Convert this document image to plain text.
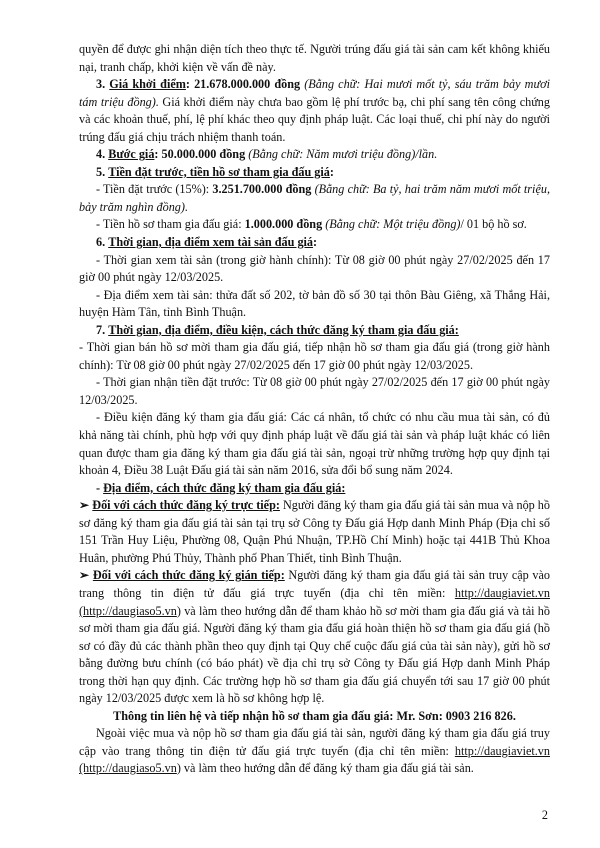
quyền để được ghi nhận diện tích theo thực tế. Người trúng đấu giá tài sản cam kết không khiếu nại, tranh chấp, khởi kiện về vấn đề này.

3. Giá khởi điểm: 21.678.000.000 đồng (Bằng chữ: Hai mươi mốt tỷ, sáu trăm bảy mươi tám triệu đồng). Giá khởi điểm này chưa bao gồm lệ phí trước bạ, chi phí sang tên công chứng và các khoản thuế, phí, lệ phí khác theo quy định pháp luật. Các loại thuế, chi phí này do người trúng đấu giá chịu trách nhiệm thanh toán.

4. Bước giá: 50.000.000 đồng (Bằng chữ: Năm mươi triệu đồng)/lần.

5. Tiền đặt trước, tiền hồ sơ tham gia đấu giá:

- Tiền đặt trước (15%): 3.251.700.000 đồng (Bằng chữ: Ba tỷ, hai trăm năm mươi mốt triệu, bảy trăm nghìn đồng).

- Tiền hồ sơ tham gia đấu giá: 1.000.000 đồng (Bằng chữ: Một triệu đồng)/ 01 bộ hồ sơ.

6. Thời gian, địa điểm xem tài sản đấu giá:

- Thời gian xem tài sản (trong giờ hành chính): Từ 08 giờ 00 phút ngày 27/02/2025 đến 17 giờ 00 phút ngày 12/03/2025.

- Địa điểm xem tài sản: thửa đất số 202, tờ bản đồ số 30 tại thôn Bàu Giêng, xã Thắng Hải, huyện Hàm Tân, tỉnh Bình Thuận.

7. Thời gian, địa điểm, điều kiện, cách thức đăng ký tham gia đấu giá:

- Thời gian bán hồ sơ mời tham gia đấu giá, tiếp nhận hồ sơ tham gia đấu giá (trong giờ hành chính): Từ 08 giờ 00 phút ngày 27/02/2025 đến 17 giờ 00 phút ngày 12/03/2025.

- Thời gian nhận tiền đặt trước: Từ 08 giờ 00 phút ngày 27/02/2025 đến 17 giờ 00 phút ngày 12/03/2025.

- Điều kiện đăng ký tham gia đấu giá: Các cá nhân, tổ chức có nhu cầu mua tài sản, có đủ khả năng tài chính, phù hợp với quy định pháp luật về đấu giá tài sản và pháp luật khác có liên quan được tham gia đăng ký tham gia đấu giá tài sản, ngoại trừ những trường hợp quy định tại khoản 4, Điều 38 Luật Đấu giá tài sản năm 2016, sửa đổi bổ sung năm 2024.

- Địa điểm, cách thức đăng ký tham gia đấu giá:

➢ Đối với cách thức đăng ký trực tiếp: Người đăng ký tham gia đấu giá tài sản mua và nộp hồ sơ đăng ký tham gia đấu giá tài sản tại trụ sở Công ty Đấu giá Hợp danh Minh Pháp (Địa chỉ số 151 Trần Huy Liệu, Phường 08, Quận Phú Nhuận, TP.Hồ Chí Minh) hoặc tại 441B Thủ Khoa Huân, phường Phú Thủy, Thành phố Phan Thiết, tỉnh Bình Thuận.

➢ Đối với cách thức đăng ký gián tiếp: Người đăng ký tham gia đấu giá tài sản truy cập vào trang thông tin điện tử đấu giá trực tuyến (địa chỉ tên miền: http://daugiaviet.vn (http://daugiaso5.vn) và làm theo hướng dẫn để tham khảo hồ sơ mời tham gia đấu giá và tải hồ sơ mời tham gia đấu giá. Người đăng ký tham gia đấu giá hoàn thiện hồ sơ tham gia đấu giá (hồ sơ có đầy đủ các thành phần theo quy định tại Quy chế cuộc đấu giá của tài sản này), gửi hồ sơ bằng đường bưu chính (có báo phát) về địa chỉ trụ sở Công ty Đấu giá Hợp danh Minh Pháp trong thời hạn quy định. Các trường hợp hồ sơ tham gia đấu giá chuyển tới sau 17 giờ 00 phút ngày 12/03/2025 được xem là hồ sơ không hợp lệ.

Thông tin liên hệ và tiếp nhận hồ sơ tham gia đấu giá: Mr. Sơn: 0903 216 826.

Ngoài việc mua và nộp hồ sơ tham gia đấu giá tài sản, người đăng ký tham gia đấu giá truy cập vào trang thông tin điện tử đấu giá trực tuyến (địa chỉ tên miền: http://daugiaviet.vn (http://daugiaso5.vn) và làm theo hướng dẫn để đăng ký tham gia đấu giá tài sản.

2
